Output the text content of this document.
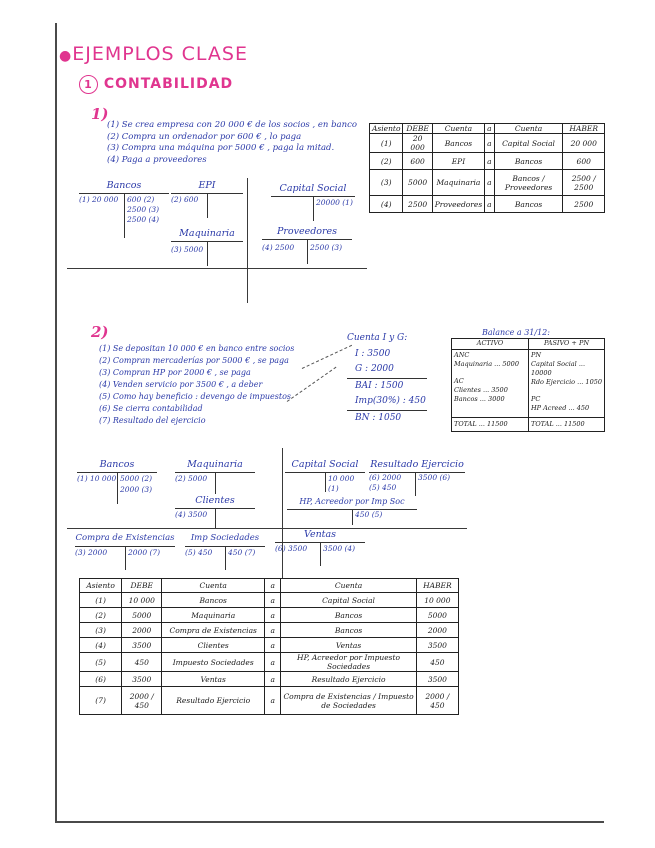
●EJEMPLOS CLASE
1 CONTABILIDAD
1)
(1) Se crea empresa con 20 000 € de los socios , en banco
(2) Compra un ordenador por 600 € , lo paga
(3) Compra una máquina por 5000 € , paga la mitad.
(4) Paga a proveedores
Bancos
(1) 20 000 600 (2)
2500 (3)
2500 (4)
EPI
(2) 600
Capital Social
20000 (1)
Maquinaria
(3) 5000
Proveedores
(4) 2500 2500 (3)
Asiento	DEBE	Cuenta	a	Cuenta	HABER
(1)	20 000	Bancos	a	Capital Social	20 000
(2)	600	EPI	a	Bancos	600
(3)	5000	Maquinaria	a	Bancos / Proveedores	2500 / 2500
(4)	2500	Proveedores	a	Bancos	2500
2)
(1) Se depositan 10 000 € en banco entre socios
(2) Compran mercaderías por 5000 € , se paga
(3) Compran HP por 2000 € , se paga
(4) Venden servicio por 3500 € , a deber
(5) Como hay beneficio : devengo de impuestos
(6) Se cierra contabilidad
(7) Resultado del ejercicio
Cuenta I y G:
I : 3500
G : 2000
BAI : 1500
Imp(30%) : 450
BN : 1050
Balance a 31/12:
ACTIVO	PASIVO + PN
ANC
Maquinaria ... 5000
AC
Clientes ... 3500
Bancos ... 3000
PN
Capital Social ... 10000
Rdo Ejercicio ... 1050
PC
HP Acreed ... 450
TOTAL ... 11500	TOTAL ... 11500
Bancos
(1) 10 000 5000 (2)
2000 (3)
Maquinaria
(2) 5000
Clientes
(4) 3500
Capital Social
10 000 (1)
Resultado Ejercicio
(6) 2000
(5) 450
3500 (6)
HP, Acreedor por Imp Soc
450 (5)
Compra de Existencias
(3) 2000	2000 (7)
Imp Sociedades
(5) 450 450 (7)
Ventas
(6) 3500 3500 (4)
Asiento	DEBE	Cuenta	a	Cuenta	HABER
(1)	10 000	Bancos	a	Capital Social	10 000
(2)	5000	Maquinaria	a	Bancos	5000
(3)	2000	Compra de Existencias	a	Bancos	2000
(4)	3500	Clientes	a	Ventas	3500
(5)	450	Impuesto Sociedades	a	HP, Acreedor por Impuesto Sociedades	450
(6)	3500	Ventas	a	Resultado Ejercicio	3500
(7)	2000 / 450	Resultado Ejercicio	a	Compra de Existencias / Impuesto de Sociedades	2000 / 450
